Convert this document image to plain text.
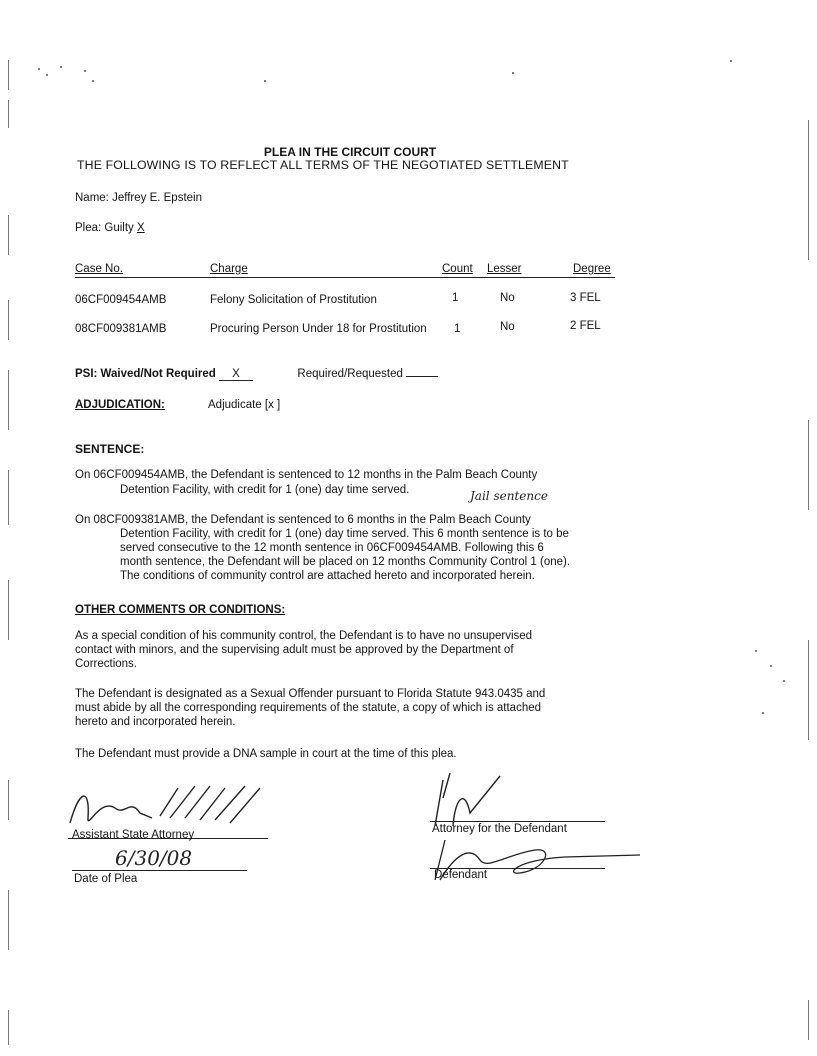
PLEA IN THE CIRCUIT COURT
THE FOLLOWING IS TO REFLECT ALL TERMS OF THE NEGOTIATED SETTLEMENT
Name: Jeffrey E. Epstein
Plea: Guilty X
Case No.	Charge	Count Lesser	Degree
06CF009454AMB	Felony Solicitation of Prostitution	1	No	3 FEL
08CF009381AMB	Procuring Person Under 18 for Prostitution 1	No	2 FEL
PSI: Waived/Not Required X	Required/Requested
ADJUDICATION:	Adjudicate [x ]
SENTENCE:
On 06CF009454AMB, the Defendant is sentenced to 12 months in the Palm Beach County
Detention Facility, with credit for 1 (one) day time served.	Jail sentence
On 08CF009381AMB, the Defendant is sentenced to 6 months in the Palm Beach County
Detention Facility, with credit for 1 (one) day time served. This 6 month sentence is to be
served consecutive to the 12 month sentence in 06CF009454AMB. Following this 6
month sentence, the Defendant will be placed on 12 months Community Control 1 (one).
The conditions of community control are attached hereto and incorporated herein.
OTHER COMMENTS OR CONDITIONS:
As a special condition of his community control, the Defendant is to have no unsupervised
contact with minors, and the supervising adult must be approved by the Department of
Corrections.
The Defendant is designated as a Sexual Offender pursuant to Florida Statute 943.0435 and
must abide by all the corresponding requirements of the statute, a copy of which is attached
hereto and incorporated herein.
The Defendant must provide a DNA sample in court at the time of this plea.
Assistant State Attorney
6/30/08
Date of Plea
Attorney for the Defendant
Defendant
